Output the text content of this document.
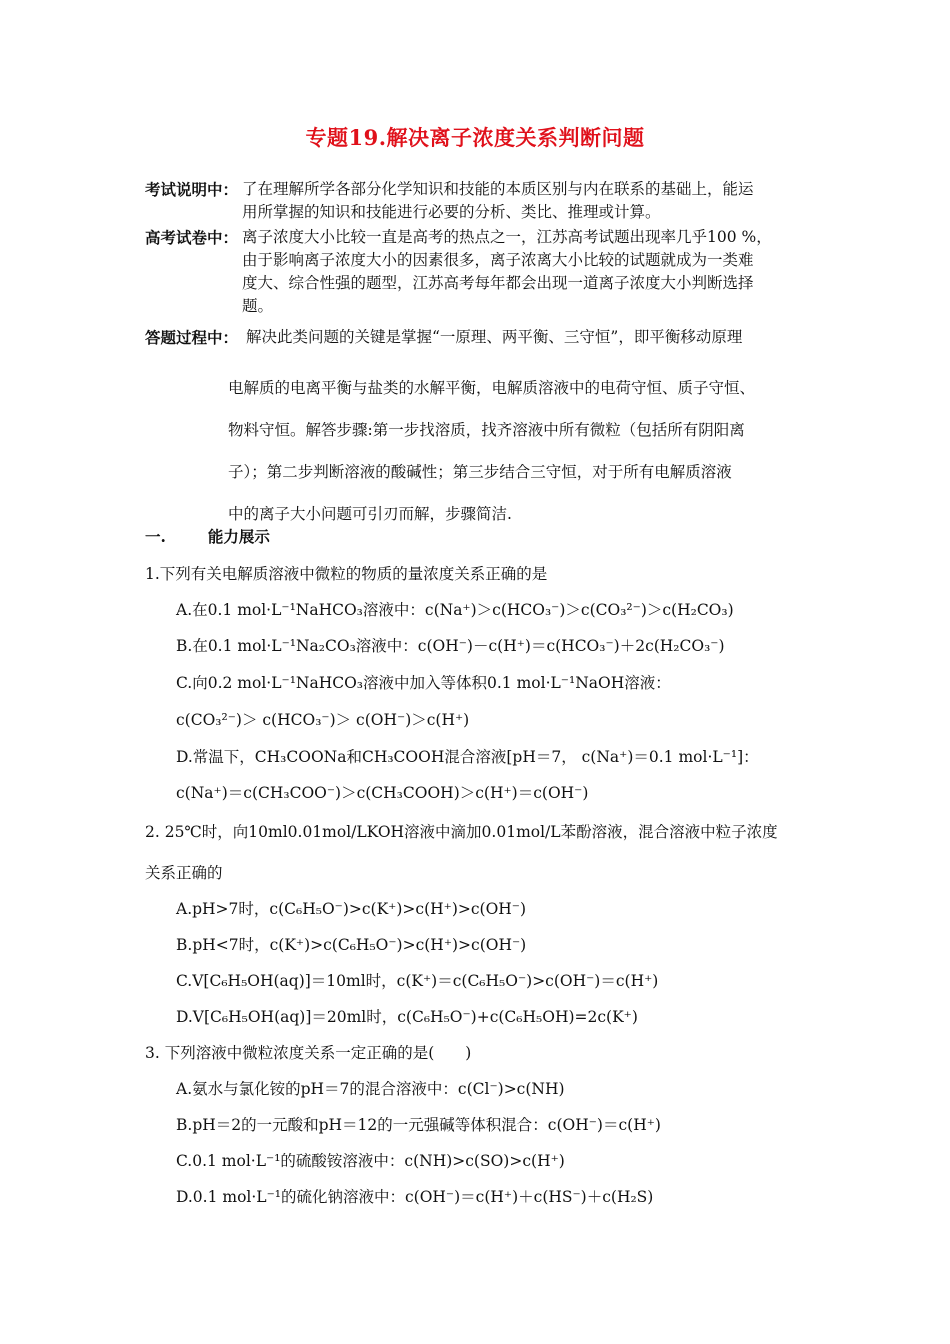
专题19.解决离子浓度关系判断问题
考试说明中： 了在理解所学各部分化学知识和技能的本质区别与内在联系的基础上，能运
用所掌握的知识和技能进行必要的分析、类比、推理或计算。
高考试卷中： 离子浓度大小比较一直是高考的热点之一，江苏高考试题出现率几乎100 %，
由于影响离子浓度大小的因素很多，离子浓离大小比较的试题就成为一类难
度大、综合性强的题型，江苏高考每年都会出现一道离子浓度大小判断选择
题。
答题过程中： 解决此类问题的关键是掌握“一原理、两平衡、三守恒”，即平衡移动原理
电解质的电离平衡与盐类的水解平衡，电解质溶液中的电荷守恒、质子守恒、
物料守恒。解答步骤:第一步找溶质，找齐溶液中所有微粒（包括所有阴阳离
子）；第二步判断溶液的酸碱性；第三步结合三守恒，对于所有电解质溶液
中的离子大小问题可引刃而解，步骤简洁.
一.	能力展示
1.下列有关电解质溶液中微粒的物质的量浓度关系正确的是
A.在0.1 mol·L⁻¹NaHCO₃溶液中：c(Na⁺)＞c(HCO₃⁻)＞c(CO₃²⁻)＞c(H₂CO₃)
B.在0.1 mol·L⁻¹Na₂CO₃溶液中：c(OH⁻)－c(H⁺)＝c(HCO₃⁻)＋2c(H₂CO₃⁻)
C.向0.2 mol·L⁻¹NaHCO₃溶液中加入等体积0.1 mol·L⁻¹NaOH溶液：
c(CO₃²⁻)＞ c(HCO₃⁻)＞ c(OH⁻)＞c(H⁺)
D.常温下，CH₃COONa和CH₃COOH混合溶液[pH＝7， c(Na⁺)＝0.1 mol·L⁻¹]：
c(Na⁺)＝c(CH₃COO⁻)＞c(CH₃COOH)＞c(H⁺)＝c(OH⁻)
2. 25℃时，向10ml0.01mol/LKOH溶液中滴加0.01mol/L苯酚溶液，混合溶液中粒子浓度
关系正确的
A.pH>7时，c(C₆H₅O⁻)>c(K⁺)>c(H⁺)>c(OH⁻)
B.pH<7时，c(K⁺)>c(C₆H₅O⁻)>c(H⁺)>c(OH⁻)
C.V[C₆H₅OH(aq)]＝10ml时，c(K⁺)＝c(C₆H₅O⁻)>c(OH⁻)＝c(H⁺)
D.V[C₆H₅OH(aq)]＝20ml时，c(C₆H₅O⁻)+c(C₆H₅OH)=2c(K⁺)
3. 下列溶液中微粒浓度关系一定正确的是(　　)
A.氨水与氯化铵的pH＝7的混合溶液中：c(Cl⁻)>c(NH)
B.pH＝2的一元酸和pH＝12的一元强碱等体积混合：c(OH⁻)＝c(H⁺)
C.0.1 mol·L⁻¹的硫酸铵溶液中：c(NH)>c(SO)>c(H⁺)
D.0.1 mol·L⁻¹的硫化钠溶液中：c(OH⁻)＝c(H⁺)＋c(HS⁻)＋c(H₂S)
